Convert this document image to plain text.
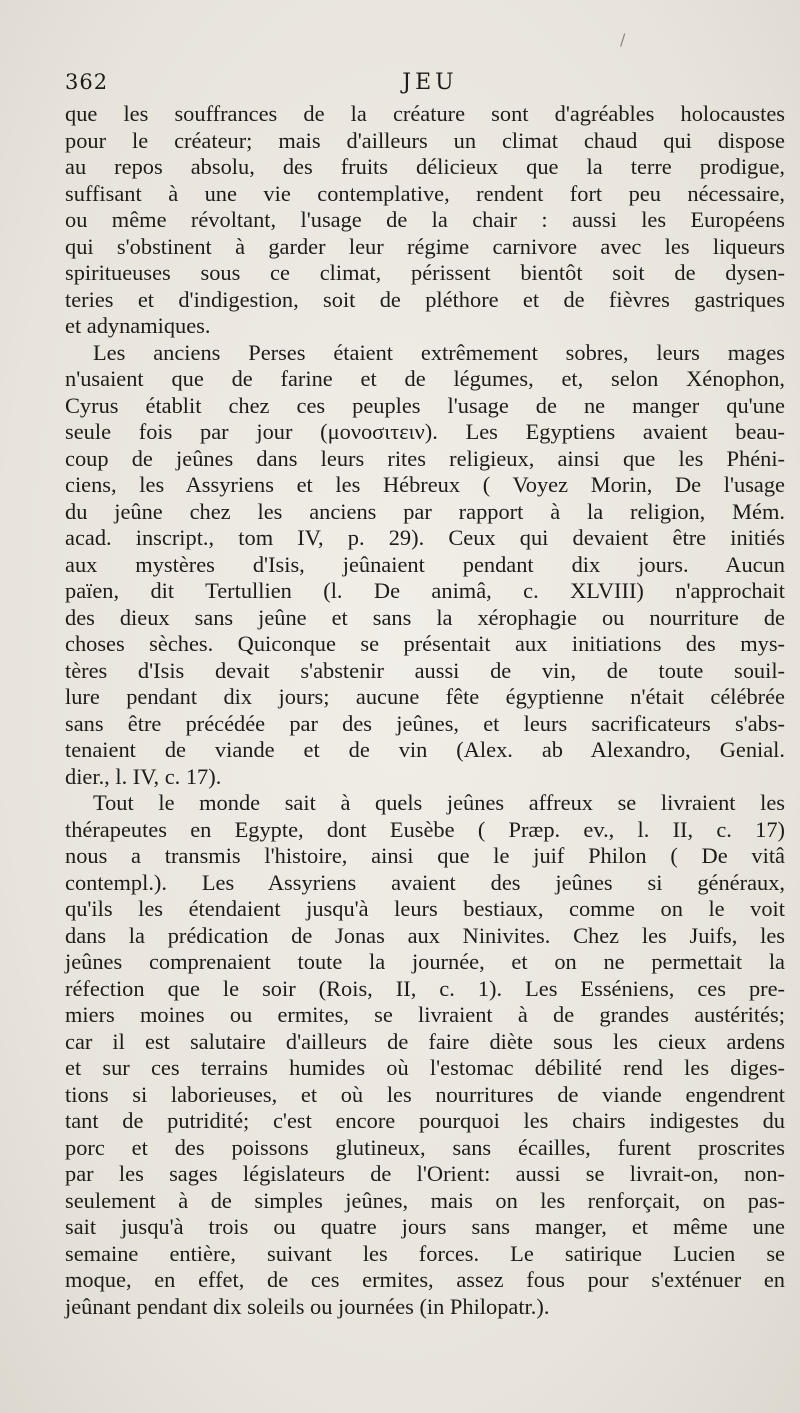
/
362	JEU
que les souffrances de la créature sont d'agréables holocaustes
pour le créateur; mais d'ailleurs un climat chaud qui dispose
au repos absolu, des fruits délicieux que la terre prodigue,
suffisant à une vie contemplative, rendent fort peu nécessaire,
ou même révoltant, l'usage de la chair : aussi les Européens
qui s'obstinent à garder leur régime carnivore avec les liqueurs
spiritueuses sous ce climat, périssent bientôt soit de dysen-
teries et d'indigestion, soit de pléthore et de fièvres gastriques
et adynamiques.
Les anciens Perses étaient extrêmement sobres, leurs mages
n'usaient que de farine et de légumes, et, selon Xénophon,
Cyrus établit chez ces peuples l'usage de ne manger qu'une
seule fois par jour (μονοσιτειν). Les Egyptiens avaient beau-
coup de jeûnes dans leurs rites religieux, ainsi que les Phéni-
ciens, les Assyriens et les Hébreux ( Voyez Morin, De l'usage
du jeûne chez les anciens par rapport à la religion, Mém.
acad. inscript., tom IV, p. 29). Ceux qui devaient être initiés
aux mystères d'Isis, jeûnaient pendant dix jours. Aucun
païen, dit Tertullien (l. De animâ, c. XLVIII) n'approchait
des dieux sans jeûne et sans la xérophagie ou nourriture de
choses sèches. Quiconque se présentait aux initiations des mys-
tères d'Isis devait s'abstenir aussi de vin, de toute souil-
lure pendant dix jours; aucune fête égyptienne n'était célébrée
sans être précédée par des jeûnes, et leurs sacrificateurs s'abs-
tenaient de viande et de vin (Alex. ab Alexandro, Genial.
dier., l. IV, c. 17).
Tout le monde sait à quels jeûnes affreux se livraient les
thérapeutes en Egypte, dont Eusèbe ( Præp. ev., l. II, c. 17)
nous a transmis l'histoire, ainsi que le juif Philon ( De vitâ
contempl.). Les Assyriens avaient des jeûnes si généraux,
qu'ils les étendaient jusqu'à leurs bestiaux, comme on le voit
dans la prédication de Jonas aux Ninivites. Chez les Juifs, les
jeûnes comprenaient toute la journée, et on ne permettait la
réfection que le soir (Rois, II, c. 1). Les Esséniens, ces pre-
miers moines ou ermites, se livraient à de grandes austérités;
car il est salutaire d'ailleurs de faire diète sous les cieux ardens
et sur ces terrains humides où l'estomac débilité rend les diges-
tions si laborieuses, et où les nourritures de viande engendrent
tant de putridité; c'est encore pourquoi les chairs indigestes du
porc et des poissons glutineux, sans écailles, furent proscrites
par les sages législateurs de l'Orient: aussi se livrait-on, non-
seulement à de simples jeûnes, mais on les renforçait, on pas-
sait jusqu'à trois ou quatre jours sans manger, et même une
semaine entière, suivant les forces. Le satirique Lucien se
moque, en effet, de ces ermites, assez fous pour s'exténuer en
jeûnant pendant dix soleils ou journées (in Philopatr.).
